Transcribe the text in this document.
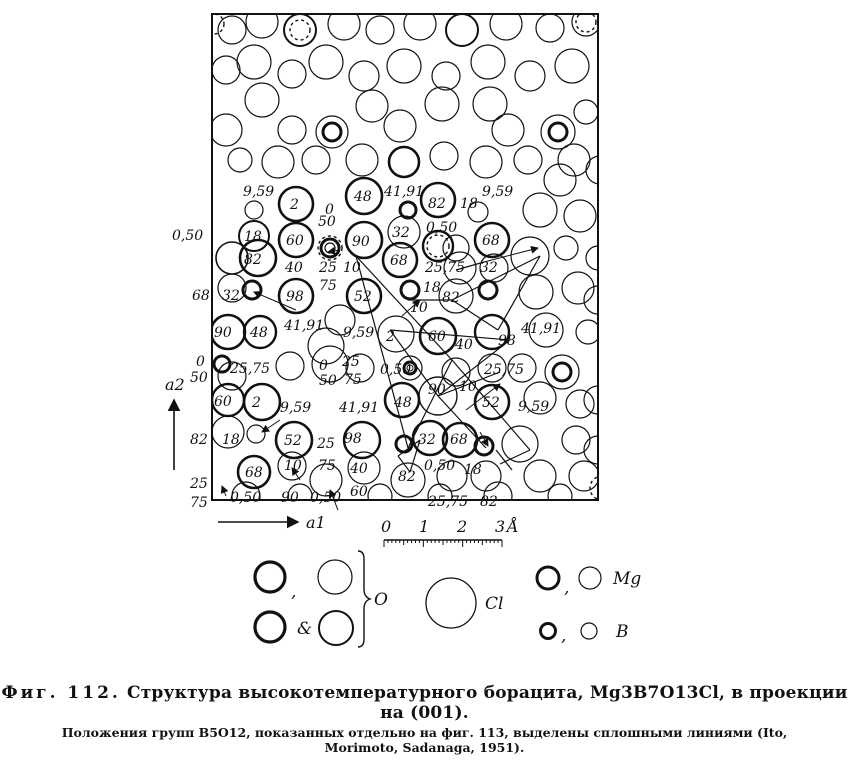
9,59
2 0
48 41,91
82 18
9,59
0,50
25,75
18 60
50
90
32 0,50
68
82 40 25 10 68 25,75 32
68 32	98
75
52
18
82
41,91
10
90 48	9,59 2 60	98
41,91
0	0 25
40
50	50 75
0,50	25,75
60 2 9,59
90 10
48	52 9,59
41,91
82 18	52 25 98	32 68
25
68 10 75 40 82
0,50 18
75 0,50 90 0,50 60
25,75 82
a2
a1	0 1 2 3 Å
,
&
O	Cl
,	Mg
,	B
Фиг. 112. Структура высокотемпературного борацита, Mg3B7O13Cl, в проекции
на (001).
Положения групп B5O12, показанных отдельно на фиг. 113, выделены сплошными линиями (Ito,
Morimoto, Sadanaga, 1951).
